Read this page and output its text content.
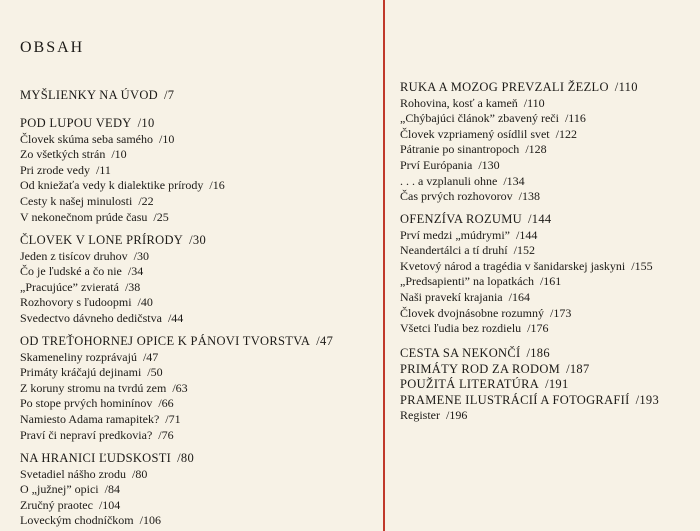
OBSAH
MYŠLIENKY NA ÚVOD /7
POD LUPOU VEDY /10
Človek skúma seba samého /10
Zo všetkých strán /10
Pri zrode vedy /11
Od kniežaťa vedy k dialektike prírody /16
Cesty k našej minulosti /22
V nekonečnom prúde času /25
ČLOVEK V LONE PRÍRODY /30
Jeden z tisícov druhov /30
Čo je ľudské a čo nie /34
„Pracujúce” zvieratá /38
Rozhovory s ľudoopmi /40
Svedectvo dávneho dedičstva /44
OD TREŤOHORNEJ OPICE K PÁNOVI TVORSTVA /47
Skameneliny rozprávajú /47
Primáty kráčajú dejinami /50
Z koruny stromu na tvrdú zem /63
Po stope prvých hominínov /66
Namiesto Adama ramapitek? /71
Praví či nepraví predkovia? /76
NA HRANICI ĽUDSKOSTI /80
Svetadiel nášho zrodu /80
O „južnej” opici /84
Zručný praotec /104
Loveckým chodníčkom /106
RUKA A MOZOG PREVZALI ŽEZLO /110
Rohovina, kosť a kameň /110
„Chýbajúci článok” zbavený reči /116
Človek vzpriamený osídlil svet /122
Pátranie po sinantropoch /128
Prví Európania /130
. . . a vzplanuli ohne /134
Čas prvých rozhovorov /138
OFENZÍVA ROZUMU /144
Prví medzi „múdrymi” /144
Neandertálci a tí druhí /152
Kvetový národ a tragédia v šanidarskej jaskyni /155
„Predsapienti” na lopatkách /161
Naši pravekí krajania /164
Človek dvojnásobne rozumný /173
Všetci ľudia bez rozdielu /176
CESTA SA NEKONČÍ /186
PRIMÁTY ROD ZA RODOM /187
POUŽITÁ LITERATÚRA /191
PRAMENE ILUSTRÁCIÍ A FOTOGRAFIÍ /193
Register /196
